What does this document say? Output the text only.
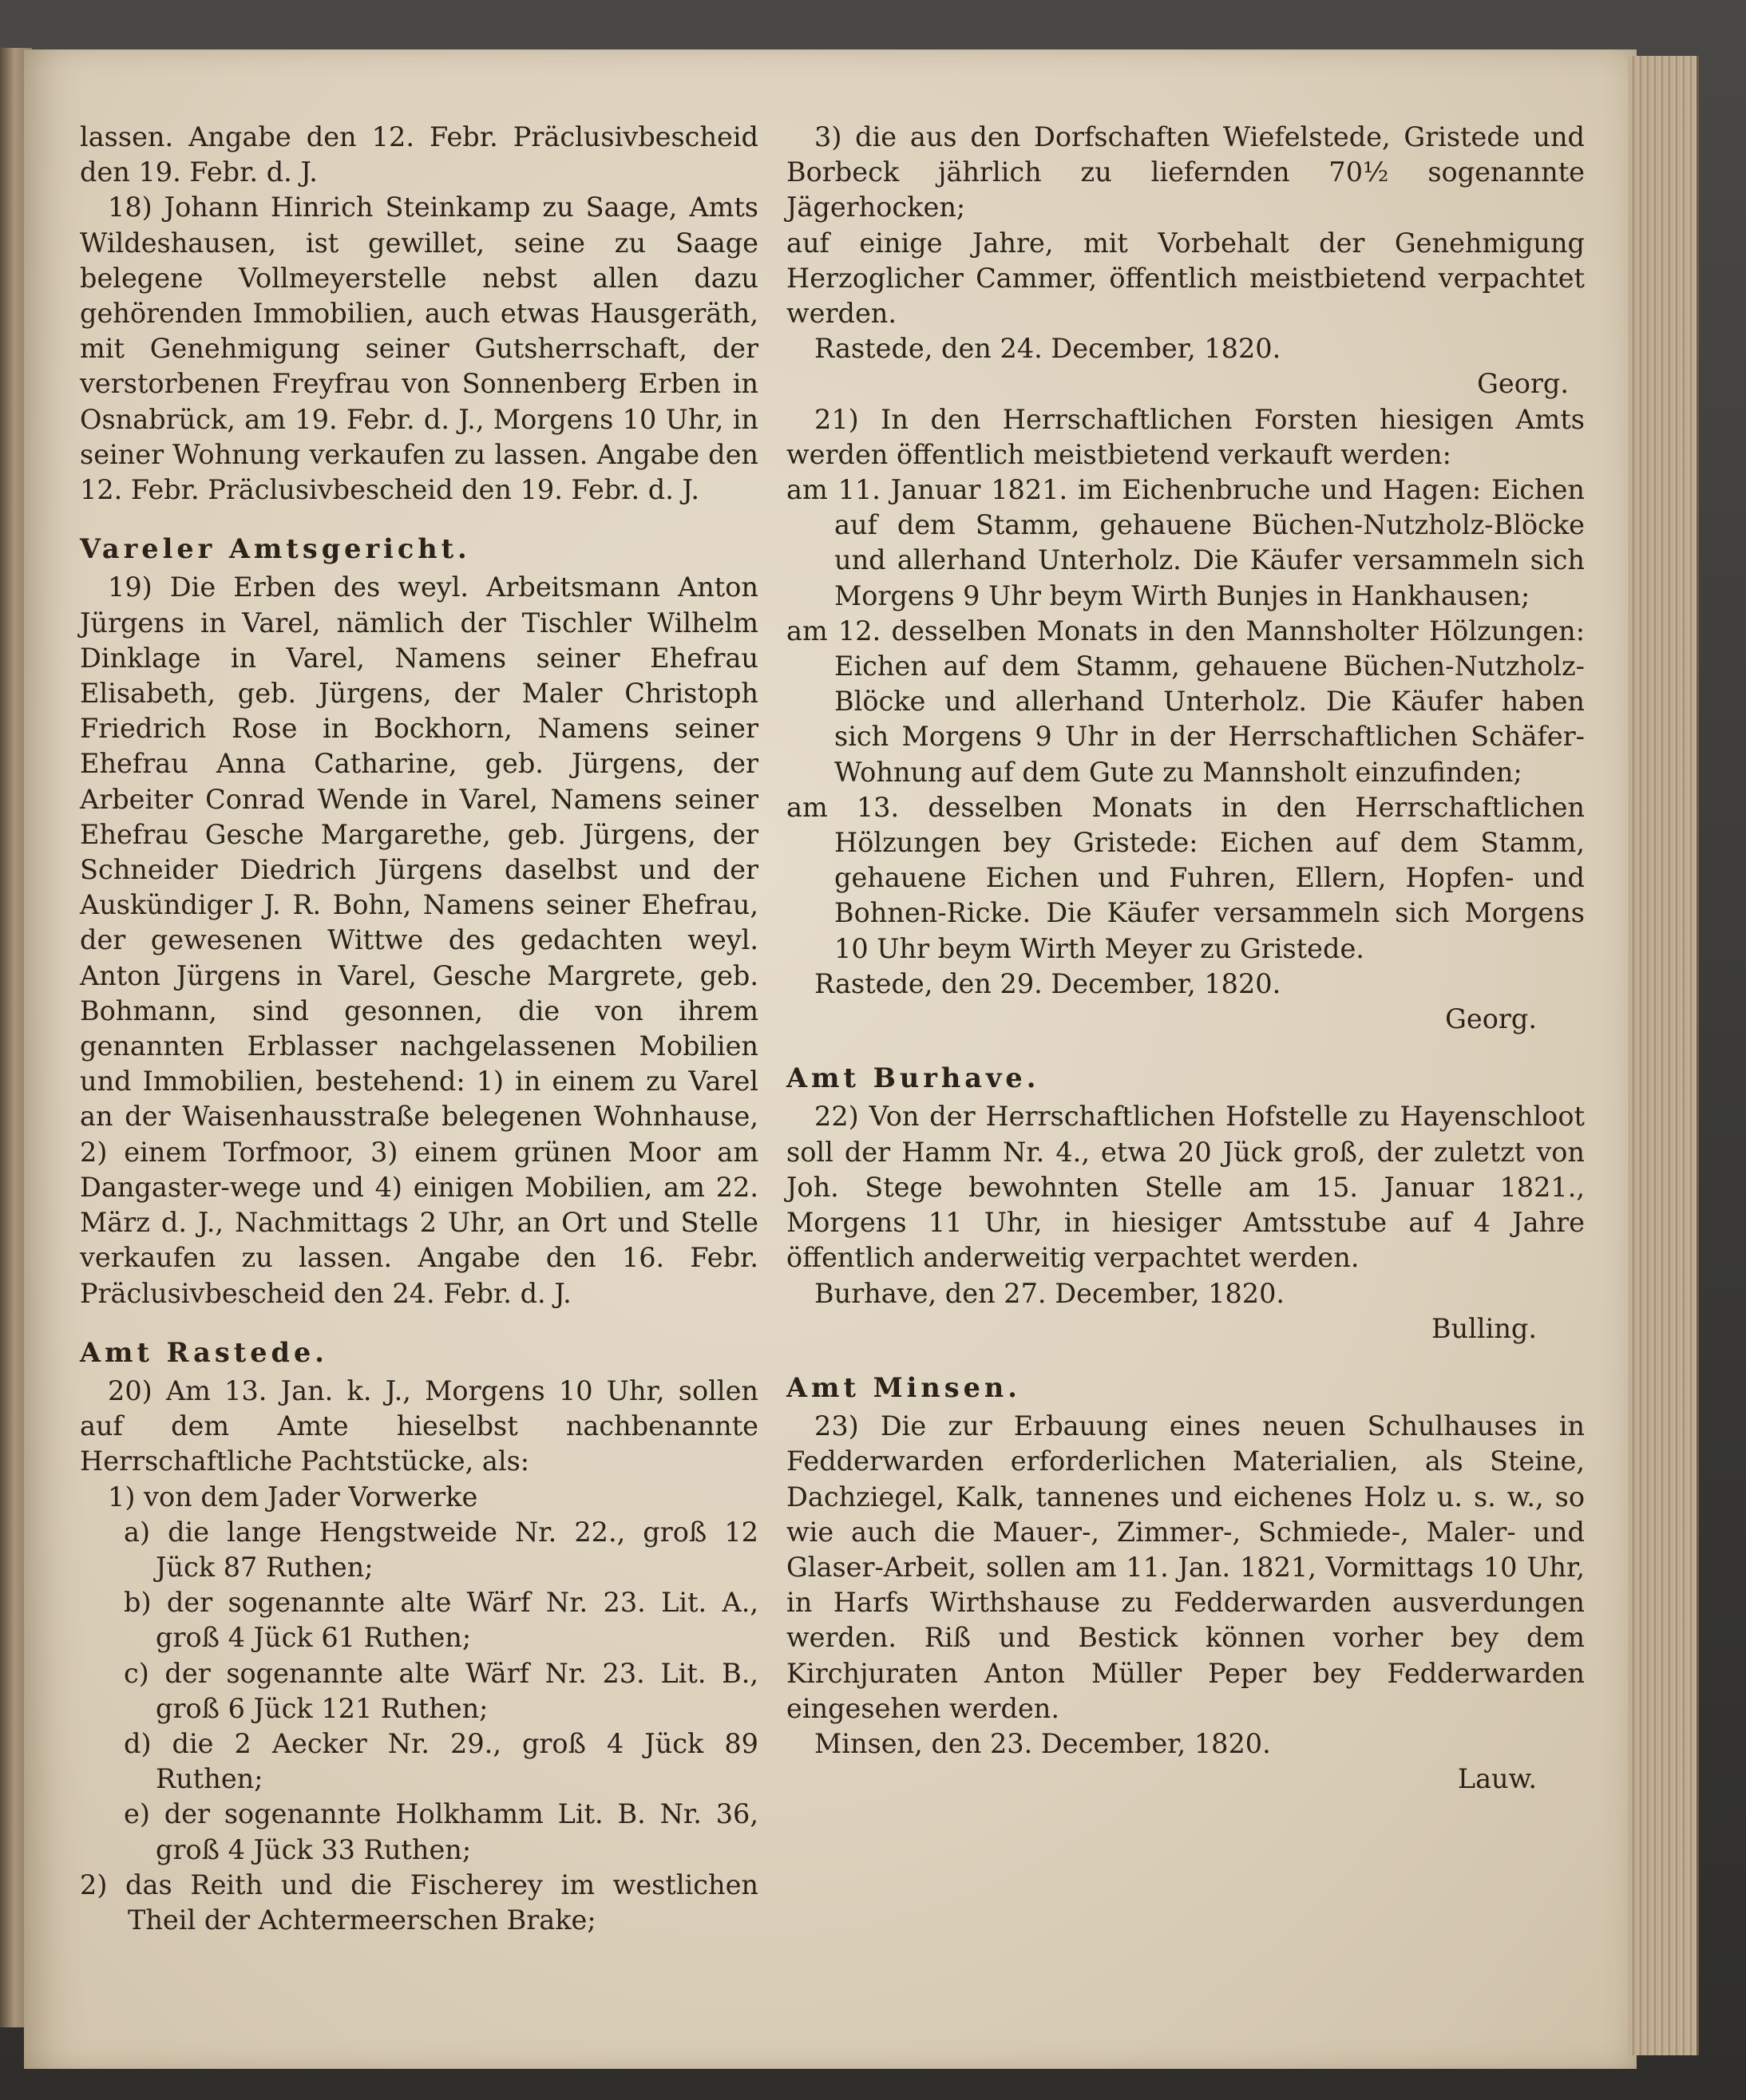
lassen. Angabe den 12. Febr. Präclusivbescheid den 19. Febr. d. J.

18) Johann Hinrich Steinkamp zu Saage, Amts Wildeshausen, ist gewillet, seine zu Saage belegene Vollmeyerstelle nebst allen dazu gehörenden Immobilien, auch etwas Hausgeräth, mit Genehmigung seiner Gutsherrschaft, der verstorbenen Freyfrau von Sonnenberg Erben in Osnabrück, am 19. Febr. d. J., Morgens 10 Uhr, in seiner Wohnung verkaufen zu lassen. Angabe den 12. Febr. Präclusivbescheid den 19. Febr. d. J.

Vareler Amtsgericht.

19) Die Erben des weyl. Arbeitsmann Anton Jürgens in Varel, nämlich der Tischler Wilhelm Dinklage in Varel, Namens seiner Ehefrau Elisabeth, geb. Jürgens, der Maler Christoph Friedrich Rose in Bockhorn, Namens seiner Ehefrau Anna Catharine, geb. Jürgens, der Arbeiter Conrad Wende in Varel, Namens seiner Ehefrau Gesche Margarethe, geb. Jürgens, der Schneider Diedrich Jürgens daselbst und der Auskündiger J. R. Bohn, Namens seiner Ehefrau, der gewesenen Wittwe des gedachten weyl. Anton Jürgens in Varel, Gesche Margrete, geb. Bohmann, sind gesonnen, die von ihrem genannten Erblasser nachgelassenen Mobilien und Immobilien, bestehend: 1) in einem zu Varel an der Waisenhausstraße belegenen Wohnhause, 2) einem Torfmoor, 3) einem grünen Moor am Dangaster-wege und 4) einigen Mobilien, am 22. März d. J., Nachmittags 2 Uhr, an Ort und Stelle verkaufen zu lassen. Angabe den 16. Febr. Präclusivbescheid den 24. Febr. d. J.

Amt Rastede.

20) Am 13. Jan. k. J., Morgens 10 Uhr, sollen auf dem Amte hieselbst nachbenannte Herrschaftliche Pachtstücke, als:

1) von dem Jader Vorwerke

a) die lange Hengstweide Nr. 22., groß 12 Jück 87 Ruthen;

b) der sogenannte alte Wärf Nr. 23. Lit. A., groß 4 Jück 61 Ruthen;

c) der sogenannte alte Wärf Nr. 23. Lit. B., groß 6 Jück 121 Ruthen;

d) die 2 Aecker Nr. 29., groß 4 Jück 89 Ruthen;

e) der sogenannte Holkhamm Lit. B. Nr. 36, groß 4 Jück 33 Ruthen;

2) das Reith und die Fischerey im westlichen Theil der Achtermeerschen Brake;

3) die aus den Dorfschaften Wiefelstede, Gristede und Borbeck jährlich zu liefernden 70½ sogenannte Jägerhocken;

auf einige Jahre, mit Vorbehalt der Genehmigung Herzoglicher Cammer, öffentlich meistbietend verpachtet werden.

Rastede, den 24. December, 1820.

Georg.

21) In den Herrschaftlichen Forsten hiesigen Amts werden öffentlich meistbietend verkauft werden:

am 11. Januar 1821. im Eichenbruche und Hagen: Eichen auf dem Stamm, gehauene Büchen-Nutzholz-Blöcke und allerhand Unterholz. Die Käufer versammeln sich Morgens 9 Uhr beym Wirth Bunjes in Hankhausen;

am 12. desselben Monats in den Mannsholter Hölzungen: Eichen auf dem Stamm, gehauene Büchen-Nutzholz-Blöcke und allerhand Unterholz. Die Käufer haben sich Morgens 9 Uhr in der Herrschaftlichen Schäfer-Wohnung auf dem Gute zu Mannsholt einzufinden;

am 13. desselben Monats in den Herrschaftlichen Hölzungen bey Gristede: Eichen auf dem Stamm, gehauene Eichen und Fuhren, Ellern, Hopfen- und Bohnen-Ricke. Die Käufer versammeln sich Morgens 10 Uhr beym Wirth Meyer zu Gristede.

Rastede, den 29. December, 1820.

Georg.

Amt Burhave.

22) Von der Herrschaftlichen Hofstelle zu Hayenschloot soll der Hamm Nr. 4., etwa 20 Jück groß, der zuletzt von Joh. Stege bewohnten Stelle am 15. Januar 1821., Morgens 11 Uhr, in hiesiger Amtsstube auf 4 Jahre öffentlich anderweitig verpachtet werden.

Burhave, den 27. December, 1820.

Bulling.

Amt Minsen.

23) Die zur Erbauung eines neuen Schulhauses in Fedderwarden erforderlichen Materialien, als Steine, Dachziegel, Kalk, tannenes und eichenes Holz u. s. w., so wie auch die Mauer-, Zimmer-, Schmiede-, Maler- und Glaser-Arbeit, sollen am 11. Jan. 1821, Vormittags 10 Uhr, in Harfs Wirthshause zu Fedderwarden ausverdungen werden. Riß und Bestick können vorher bey dem Kirchjuraten Anton Müller Peper bey Fedderwarden eingesehen werden.

Minsen, den 23. December, 1820.

Lauw.
